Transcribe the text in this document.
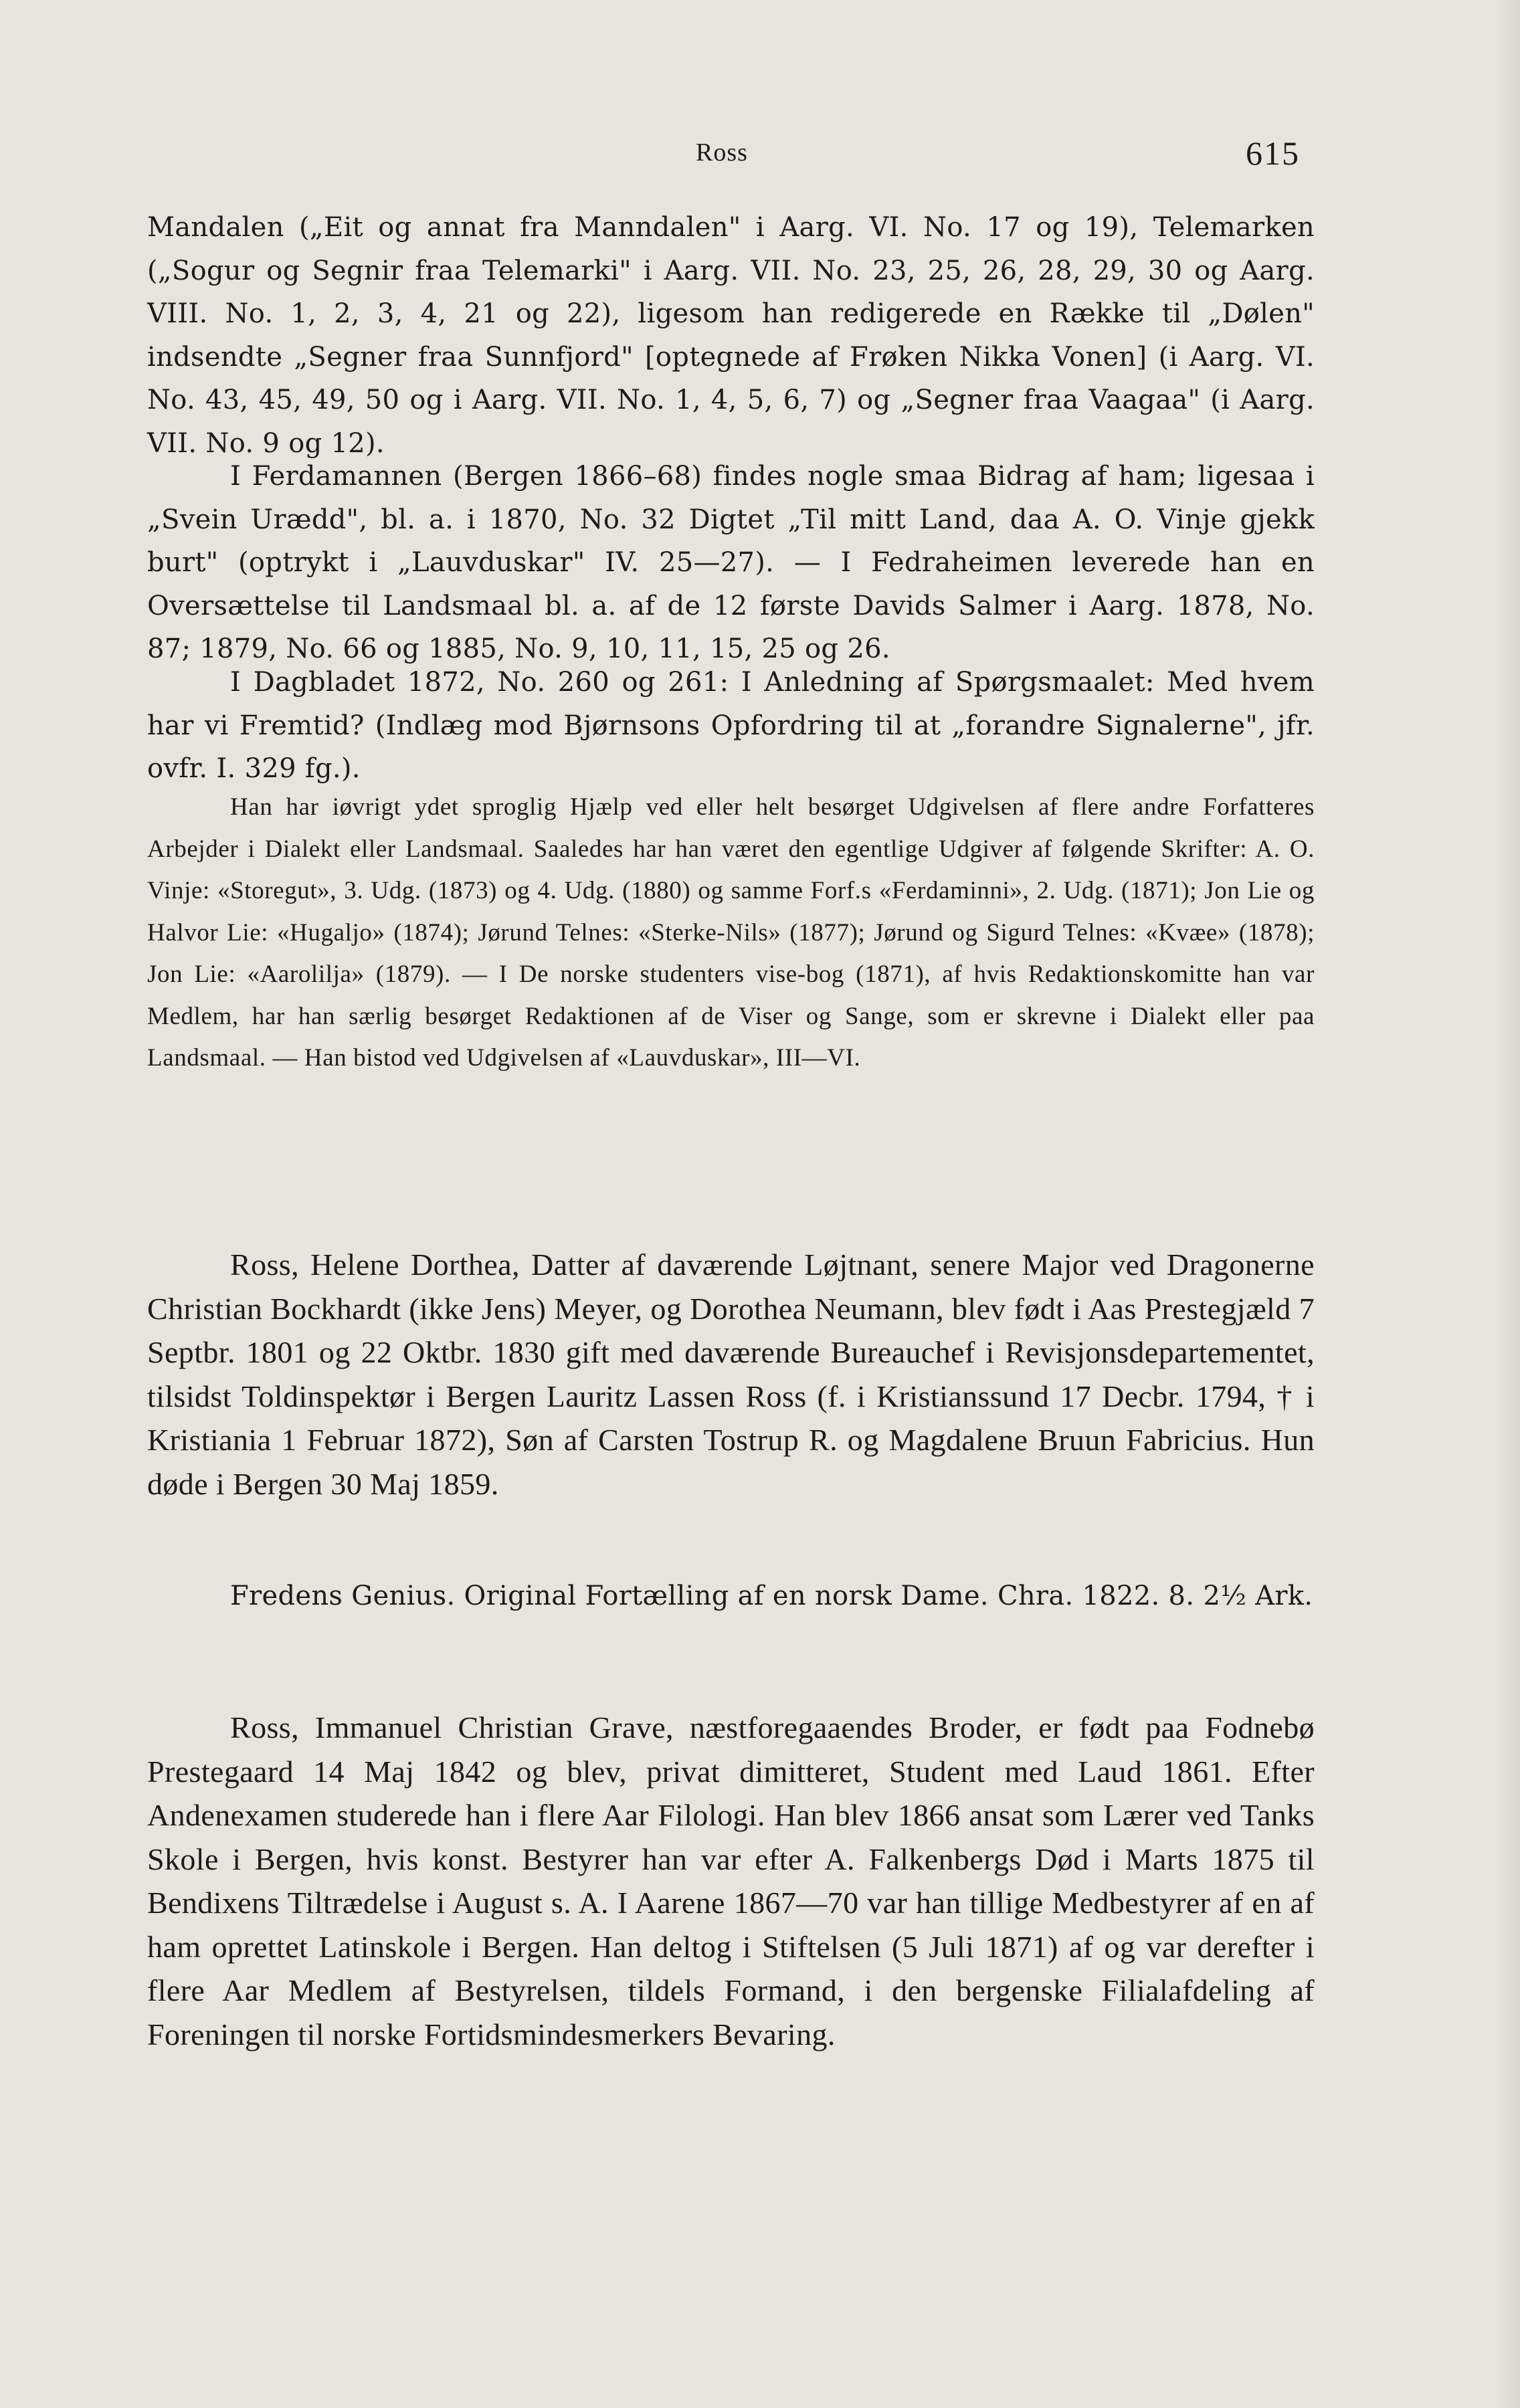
Ross	615

Mandalen („Eit og annat fra Manndalen" i Aarg. VI. No. 17 og 19), Telemarken („Sogur og Segnir fraa Telemarki" i Aarg. VII. No. 23, 25, 26, 28, 29, 30 og Aarg. VIII. No. 1, 2, 3, 4, 21 og 22), ligesom han redigerede en Række til „Dølen" indsendte „Segner fraa Sunnfjord" [optegnede af Frøken Nikka Vonen] (i Aarg. VI. No. 43, 45, 49, 50 og i Aarg. VII. No. 1, 4, 5, 6, 7) og „Segner fraa Vaagaa" (i Aarg. VII. No. 9 og 12).

I Ferdamannen (Bergen 1866–68) findes nogle smaa Bidrag af ham; ligesaa i „Svein Urædd", bl. a. i 1870, No. 32 Digtet „Til mitt Land, daa A. O. Vinje gjekk burt" (optrykt i „Lauvduskar" IV. 25—27). — I Fedraheimen leverede han en Oversættelse til Landsmaal bl. a. af de 12 første Davids Salmer i Aarg. 1878, No. 87; 1879, No. 66 og 1885, No. 9, 10, 11, 15, 25 og 26.

I Dagbladet 1872, No. 260 og 261: I Anledning af Spørgsmaalet: Med hvem har vi Fremtid? (Indlæg mod Bjørnsons Opfordring til at „forandre Signalerne", jfr. ovfr. I. 329 fg.).

Han har iøvrigt ydet sproglig Hjælp ved eller helt besørget Udgivelsen af flere andre Forfatteres Arbejder i Dialekt eller Landsmaal. Saaledes har han været den egentlige Udgiver af følgende Skrifter: A. O. Vinje: «Storegut», 3. Udg. (1873) og 4. Udg. (1880) og samme Forf.s «Ferdaminni», 2. Udg. (1871); Jon Lie og Halvor Lie: «Hugaljo» (1874); Jørund Telnes: «Sterke-Nils» (1877); Jørund og Sigurd Telnes: «Kvæe» (1878); Jon Lie: «Aarolilja» (1879). — I De norske studenters vise-bog (1871), af hvis Redaktionskomitte han var Medlem, har han særlig besørget Redaktionen af de Viser og Sange, som er skrevne i Dialekt eller paa Landsmaal. — Han bistod ved Udgivelsen af «Lauvduskar», III—VI.

Ross, Helene Dorthea, Datter af daværende Løjtnant, senere Major ved Dragonerne Christian Bockhardt (ikke Jens) Meyer, og Dorothea Neumann, blev født i Aas Prestegjæld 7 Septbr. 1801 og 22 Oktbr. 1830 gift med daværende Bureauchef i Revisjonsdepartementet, tilsidst Toldinspektør i Bergen Lauritz Lassen Ross (f. i Kristianssund 17 Decbr. 1794, † i Kristiania 1 Februar 1872), Søn af Carsten Tostrup R. og Magdalene Bruun Fabricius. Hun døde i Bergen 30 Maj 1859.

Fredens Genius. Original Fortælling af en norsk Dame. Chra. 1822. 8. 2½ Ark.

Ross, Immanuel Christian Grave, næstforegaaendes Broder, er født paa Fodnebø Prestegaard 14 Maj 1842 og blev, privat dimitteret, Student med Laud 1861. Efter Andenexamen studerede han i flere Aar Filologi. Han blev 1866 ansat som Lærer ved Tanks Skole i Bergen, hvis konst. Bestyrer han var efter A. Falkenbergs Død i Marts 1875 til Bendixens Tiltrædelse i August s. A. I Aarene 1867—70 var han tillige Medbestyrer af en af ham oprettet Latinskole i Bergen. Han deltog i Stiftelsen (5 Juli 1871) af og var derefter i flere Aar Medlem af Bestyrelsen, tildels Formand, i den bergenske Filialafdeling af Foreningen til norske Fortidsmindesmerkers Bevaring.
